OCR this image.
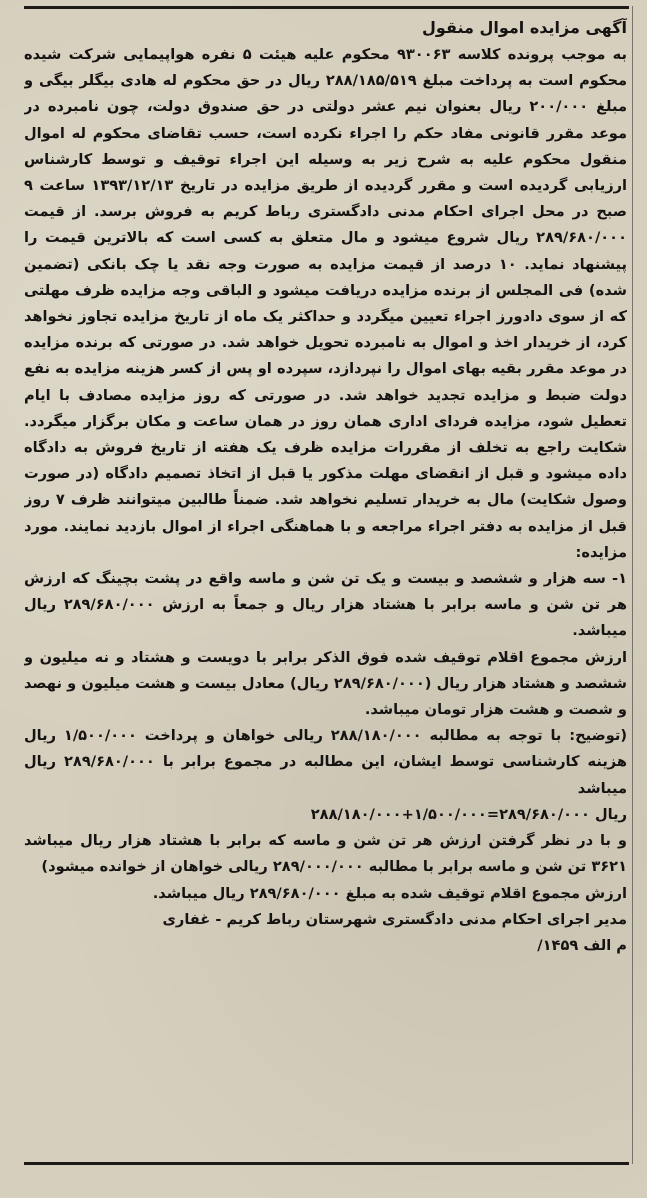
آگهی مزایده اموال منقول

به موجب پرونده کلاسه ۹۳۰۰۶۳ محکوم علیه هیئت ۵ نفره هواپیمایی شرکت شیده محکوم است به پرداخت مبلغ ۲۸۸/۱۸۵/۵۱۹ ریال در حق محکوم له هادی بیگلر بیگی و مبلغ ۲۰۰/۰۰۰ ریال بعنوان نیم عشر دولتی در حق صندوق دولت، چون نامبرده در موعد مقرر قانونی مفاد حکم را اجراء نکرده است، حسب تقاضای محکوم له اموال منقول محکوم علیه به شرح زیر به وسیله این اجراء توقیف و توسط کارشناس ارزیابی گردیده است و مقرر گردیده از طریق مزایده در تاریخ ۱۳۹۳/۱۲/۱۳ ساعت ۹ صبح در محل اجرای احکام مدنی دادگستری رباط کریم به فروش برسد. از قیمت ۲۸۹/۶۸۰/۰۰۰ ریال شروع میشود و مال متعلق به کسی است که بالاترین قیمت را پیشنهاد نماید. ۱۰ درصد از قیمت مزایده به صورت وجه نقد یا چک بانکی (تضمین شده) فی المجلس از برنده مزایده دریافت میشود و الباقی وجه مزایده ظرف مهلتی که از سوی دادورز اجراء تعیین میگردد و حداکثر یک ماه از تاریخ مزایده تجاوز نخواهد کرد، از خریدار اخذ و اموال به نامبرده تحویل خواهد شد. در صورتی که برنده مزایده در موعد مقرر بقیه بهای اموال را نپردازد، سپرده او پس از کسر هزینه مزایده به نفع دولت ضبط و مزایده تجدید خواهد شد. در صورتی که روز مزایده مصادف با ایام تعطیل شود، مزایده فردای اداری همان روز در همان ساعت و مکان برگزار میگردد. شکایت راجع به تخلف از مقررات مزایده ظرف یک هفته از تاریخ فروش به دادگاه داده میشود و قبل از انقضای مهلت مذکور یا قبل از اتخاذ تصمیم دادگاه (در صورت وصول شکایت) مال به خریدار تسلیم نخواهد شد. ضمناً طالبین میتوانند ظرف ۷ روز قبل از مزایده به دفتر اجراء مراجعه و با هماهنگی اجراء از اموال بازدید نمایند. مورد مزایده:

۱- سه هزار و ششصد و بیست و یک تن شن و ماسه واقع در پشت بچینگ که ارزش هر تن شن و ماسه برابر با هشتاد هزار ریال و جمعاً به ارزش ۲۸۹/۶۸۰/۰۰۰ ریال میباشد.

ارزش مجموع اقلام توقیف شده فوق الذکر برابر با دویست و هشتاد و نه میلیون و ششصد و هشتاد هزار ریال (۲۸۹/۶۸۰/۰۰۰ ریال) معادل بیست و هشت میلیون و نهصد و شصت و هشت هزار تومان میباشد.

(توضیح: با توجه به مطالبه ۲۸۸/۱۸۰/۰۰۰ ریالی خواهان و پرداخت ۱/۵۰۰/۰۰۰ ریال هزینه کارشناسی توسط ایشان، این مطالبه در مجموع برابر با ۲۸۹/۶۸۰/۰۰۰ ریال میباشد

ریال ۲۸۹/۶۸۰/۰۰۰=۱/۵۰۰/۰۰۰+۲۸۸/۱۸۰/۰۰۰

و با در نظر گرفتن ارزش هر تن شن و ماسه که برابر با هشتاد هزار ریال میباشد ۳۶۲۱ تن شن و ماسه برابر با مطالبه ۲۸۹/۰۰۰/۰۰۰ ریالی خواهان از خوانده میشود)

ارزش مجموع اقلام توقیف شده به مبلغ ۲۸۹/۶۸۰/۰۰۰ ریال میباشد.

مدیر اجرای احکام مدنی دادگستری شهرستان رباط کریم - غفاری

م الف ۱۴۵۹/
